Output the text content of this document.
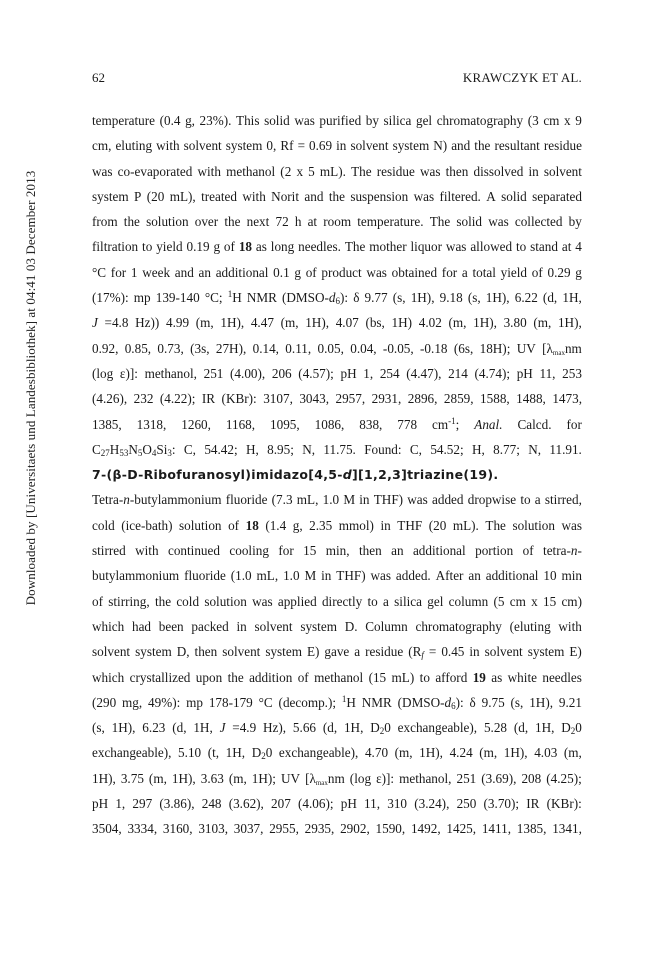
Downloaded by [Universitaets und Landesbibliothek] at 04:41 03 December 2013
62	KRAWCZYK ET AL.
temperature (0.4 g, 23%). This solid was purified by silica gel chromatography (3 cm x 9
cm, eluting with solvent system 0, Rf = 0.69 in solvent system N) and the resultant residue
was co-evaporated with methanol (2 x 5 mL). The residue was then dissolved in solvent
system P (20 mL), treated with Norit and the suspension was filtered. A solid separated
from the solution over the next 72 h at room temperature. The solid was collected by
filtration to yield 0.19 g of 18 as long needles. The mother liquor was allowed to stand at 4
°C for 1 week and an additional 0.1 g of product was obtained for a total yield of 0.29 g
(17%): mp 139-140 °C; $^1$H NMR $(DMSO-d_6)$: δ 9.77 (s, 1H), 9.18 (s, 1H), 6.22 (d, 1H,
J =4.8 Hz)) 4.99 (m, 1H), 4.47 (m, 1H), 4.07 (bs, 1H) 4.02 (m, 1H), 3.80 (m, 1H),
0.92, 0.85, 0.73, (3s, 27H), 0.14, 0.11, 0.05, 0.04, -0.05, -0.18 (6s, 18H); UV [$\lambda_{max}nm$
(log ε)]: methanol, 251 (4.00), 206 (4.57); pH 1, 254 (4.47), 214 (4.74); pH 11, 253
(4.26), 232 (4.22); IR (KBr): 3107, 3043, 2957, 2931, 2896, 2859, 1588, 1488, 1473,
1385, 1318, 1260, 1168, 1095, 1086, 838, 778 $cm^{-1}$; Anal. Calcd. for
$C_{27}H_{53}N_5O_4Si_3$: C, 54.42; H, 8.95; N, 11.75. Found: C, 54.52; H, 8.77; N, 11.91.
7-(β-D-Ribofuranosyl)imidazo[4,5-d][1,2,3]triazine (19).
Tetra-n-butylammonium fluoride (7.3 mL, 1.0 M in THF) was added dropwise to a stirred,
cold (ice-bath) solution of 18 (1.4 g, 2.35 mmol) in THF (20 mL). The solution was
stirred with continued cooling for 15 min, then an additional portion of tetra-n-
butylammonium fluoride (1.0 mL, 1.0 M in THF) was added. After an additional 10 min
of stirring, the cold solution was applied directly to a silica gel column (5 cm x 15 cm)
which had been packed in solvent system D. Column chromatography (eluting with
solvent system D, then solvent system E) gave a residue ($R_f = 0.45$ in solvent system E)
which crystallized upon the addition of methanol (15 mL) to afford 19 as white needles
(290 mg, 49%): mp 178-179 °C (decomp.); $^1$H NMR $(DMSO-d_6)$: δ 9.75 (s, 1H), 9.21
(s, 1H), 6.23 (d, 1H, J =4.9 Hz), 5.66 (d, 1H, $D_20$ exchangeable), 5.28 (d, 1H, $D_20$
exchangeable), 5.10 (t, 1H, $D_20$ exchangeable), 4.70 (m, 1H), 4.24 (m, 1H), 4.03 (m,
1H), 3.75 (m, 1H), 3.63 (m, 1H); UV [$\lambda_{max}nm$ (log ε)]: methanol, 251 (3.69), 208 (4.25);
pH 1, 297 (3.86), 248 (3.62), 207 (4.06); pH 11, 310 (3.24), 250 (3.70); IR (KBr):
3504, 3334, 3160, 3103, 3037, 2955, 2935, 2902, 1590, 1492, 1425, 1411, 1385, 1341,
